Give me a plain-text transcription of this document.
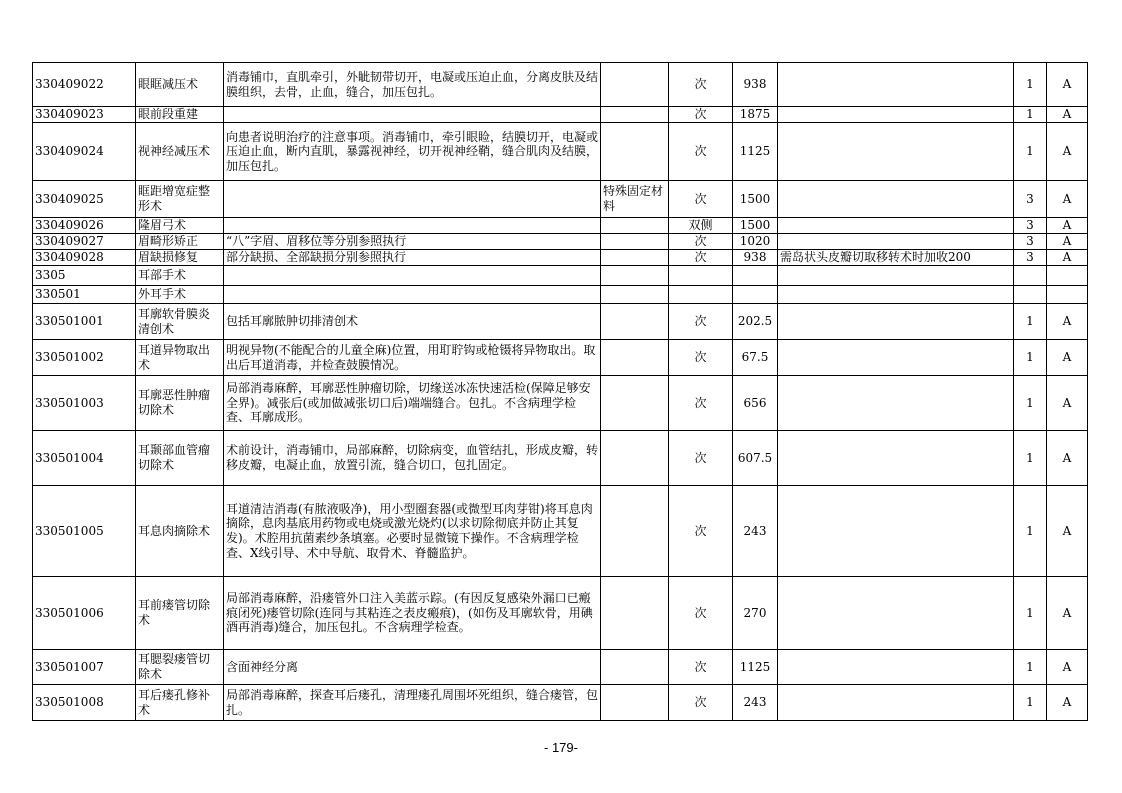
330409022	眼眶减压术	消毒铺巾，直肌牵引，外眦韧带切开，电凝或压迫止血，分离皮肤及结膜组织，去骨，止血，缝合，加压包扎。		次	938		1	A
330409023	眼前段重建			次	1875		1	A
330409024	视神经减压术	向患者说明治疗的注意事项。消毒铺巾，牵引眼睑，结膜切开，电凝或压迫止血，断内直肌，暴露视神经，切开视神经鞘，缝合肌肉及结膜，加压包扎。		次	1125		1	A
330409025	眶距增宽症整形术		特殊固定材料	次	1500		3	A
330409026	隆眉弓术			双侧	1500		3	A
330409027	眉畸形矫正	“八”字眉、眉移位等分别参照执行		次	1020		3	A
330409028	眉缺损修复	部分缺损、全部缺损分别参照执行		次	938	需岛状头皮瓣切取移转术时加收200	3	A
3305	耳部手术							
330501	外耳手术							
330501001	耳廓软骨膜炎清创术	包括耳廓脓肿切排清创术		次	202.5		1	A
330501002	耳道异物取出术	明视异物(不能配合的儿童全麻)位置，用耵聍钩或枪镊将异物取出。取出后耳道消毒，并检查鼓膜情况。		次	67.5		1	A
330501003	耳廓恶性肿瘤切除术	局部消毒麻醉，耳廓恶性肿瘤切除，切缘送冰冻快速活检(保障足够安全界)。减张后(或加做减张切口后)端端缝合。包扎。不含病理学检查、耳廓成形。		次	656		1	A
330501004	耳颞部血管瘤切除术	术前设计，消毒铺巾，局部麻醉，切除病变，血管结扎，形成皮瓣，转移皮瓣，电凝止血，放置引流，缝合切口，包扎固定。		次	607.5		1	A
330501005	耳息肉摘除术	耳道清洁消毒(有脓液吸净)，用小型圈套器(或微型耳肉芽钳)将耳息肉摘除，息肉基底用药物或电烧或激光烧灼(以求切除彻底并防止其复发)。术腔用抗菌素纱条填塞。必要时显微镜下操作。不含病理学检查、X线引导、术中导航、取骨术、脊髓监护。		次	243		1	A
330501006	耳前瘘管切除术	局部消毒麻醉，沿瘘管外口注入美蓝示踪。(有因反复感染外漏口已瘢痕闭死)瘘管切除(连同与其粘连之表皮瘢痕)，(如伤及耳廓软骨，用碘酒再消毒)缝合，加压包扎。不含病理学检查。		次	270		1	A
330501007	耳腮裂瘘管切除术	含面神经分离		次	1125		1	A
330501008	耳后瘘孔修补术	局部消毒麻醉，探查耳后瘘孔，清理瘘孔周围坏死组织，缝合瘘管，包扎。		次	243		1	A
- 179-
